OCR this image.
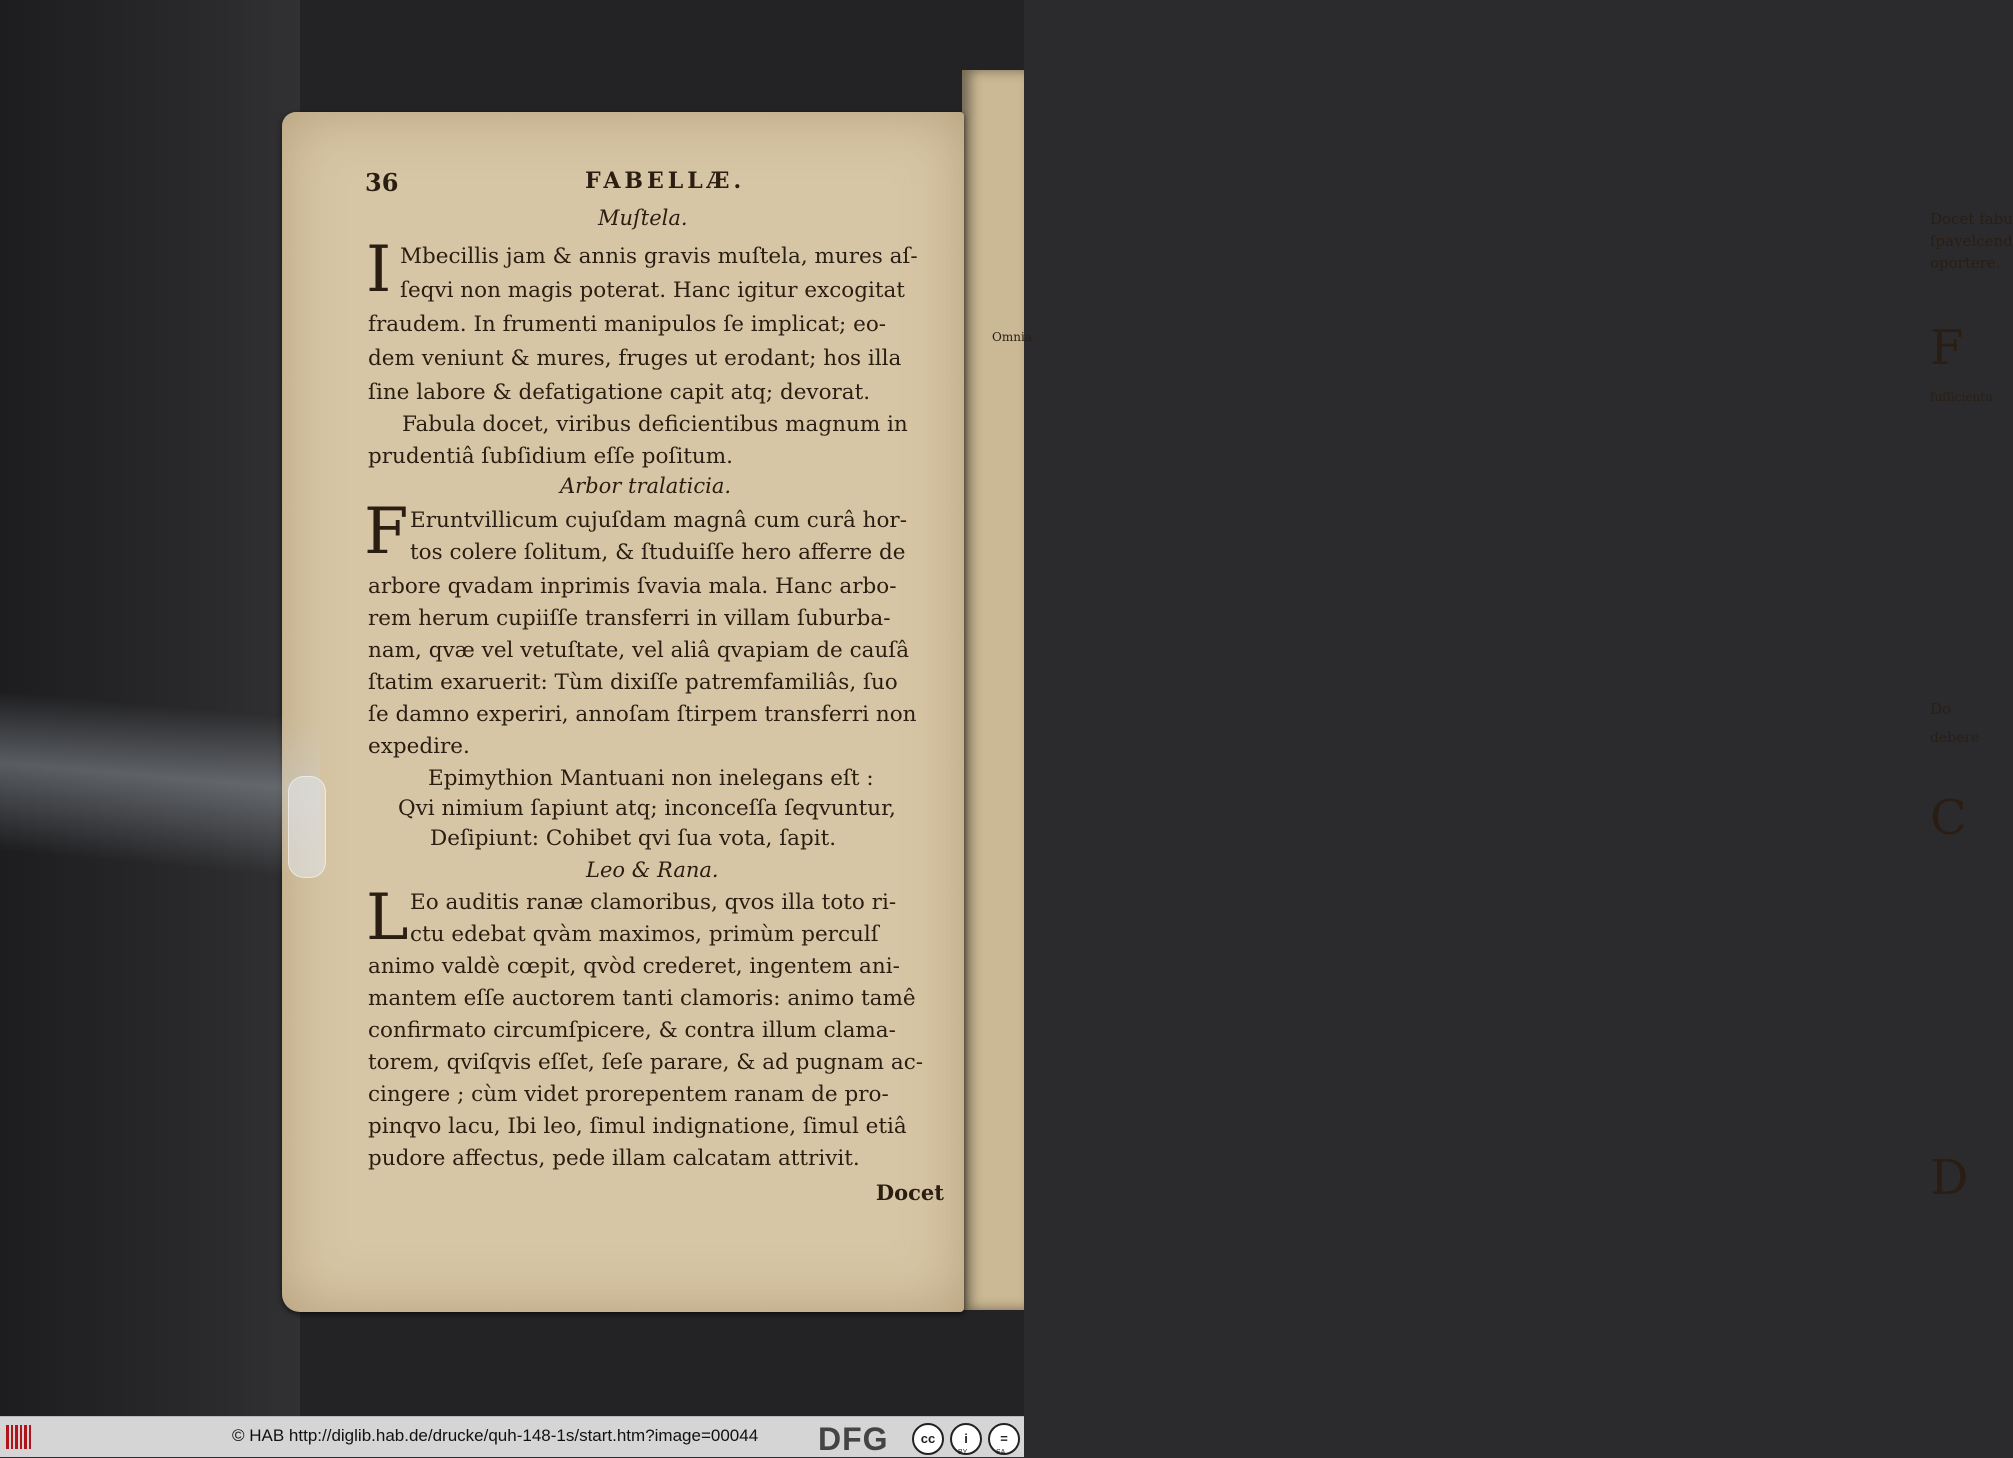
Docet fabu
ſpavelcend
oportere.
F
Omnia
fuſſicientu
Do
debere
C
D
36	FABELLÆ.
Muſtela.
I Mbecillis jam & annis gravis muſtela, mures aſ-
ſeqvi non magis poterat. Hanc igitur excogitat
fraudem. In frumenti manipulos ſe implicat; eo-
dem veniunt & mures, fruges ut erodant; hos illa
ſine labore & defatigatione capit atq; devorat.
Fabula docet, viribus deficientibus magnum in
prudentiâ ſubſidium eſſe poſitum.
Arbor tralaticia.
F Eruntvillicum cujuſdam magnâ cum curâ hor-
tos colere ſolitum, & ſtuduiſſe hero afferre de
arbore qvadam inprimis ſvavia mala. Hanc arbo-
rem herum cupiiſſe transferri in villam ſuburba-
nam, qvæ vel vetuſtate, vel aliâ qvapiam de cauſâ
ſtatim exaruerit: Tùm dixiſſe patremfamiliâs, ſuo
ſe damno experiri, annoſam ſtirpem transferri non
expedire.
Epimythion Mantuani non inelegans eſt :
Qvi nimium ſapiunt atq; inconceſſa ſeqvuntur,
Deſipiunt: Cohibet qvi ſua vota, ſapit.
Leo & Rana.
L Eo auditis ranæ clamoribus, qvos illa toto ri-
ctu edebat qvàm maximos, primùm perculſ
animo valdè cœpit, qvòd crederet, ingentem ani-
mantem eſſe auctorem tanti clamoris: animo tamê
confirmato circumſpicere, & contra illum clama-
torem, qviſqvis eſſet, ſeſe parare, & ad pugnam ac-
cingere ; cùm videt prorepentem ranam de pro-
pinqvo lacu, Ibi leo, ſimul indignatione, ſimul etiâ
pudore affectus, pede illam calcatam attrivit.
Docet
© HAB http://diglib.hab.de/drucke/quh-148-1s/start.htm?image=00044 DFG	cc	i
BY
=
SA
